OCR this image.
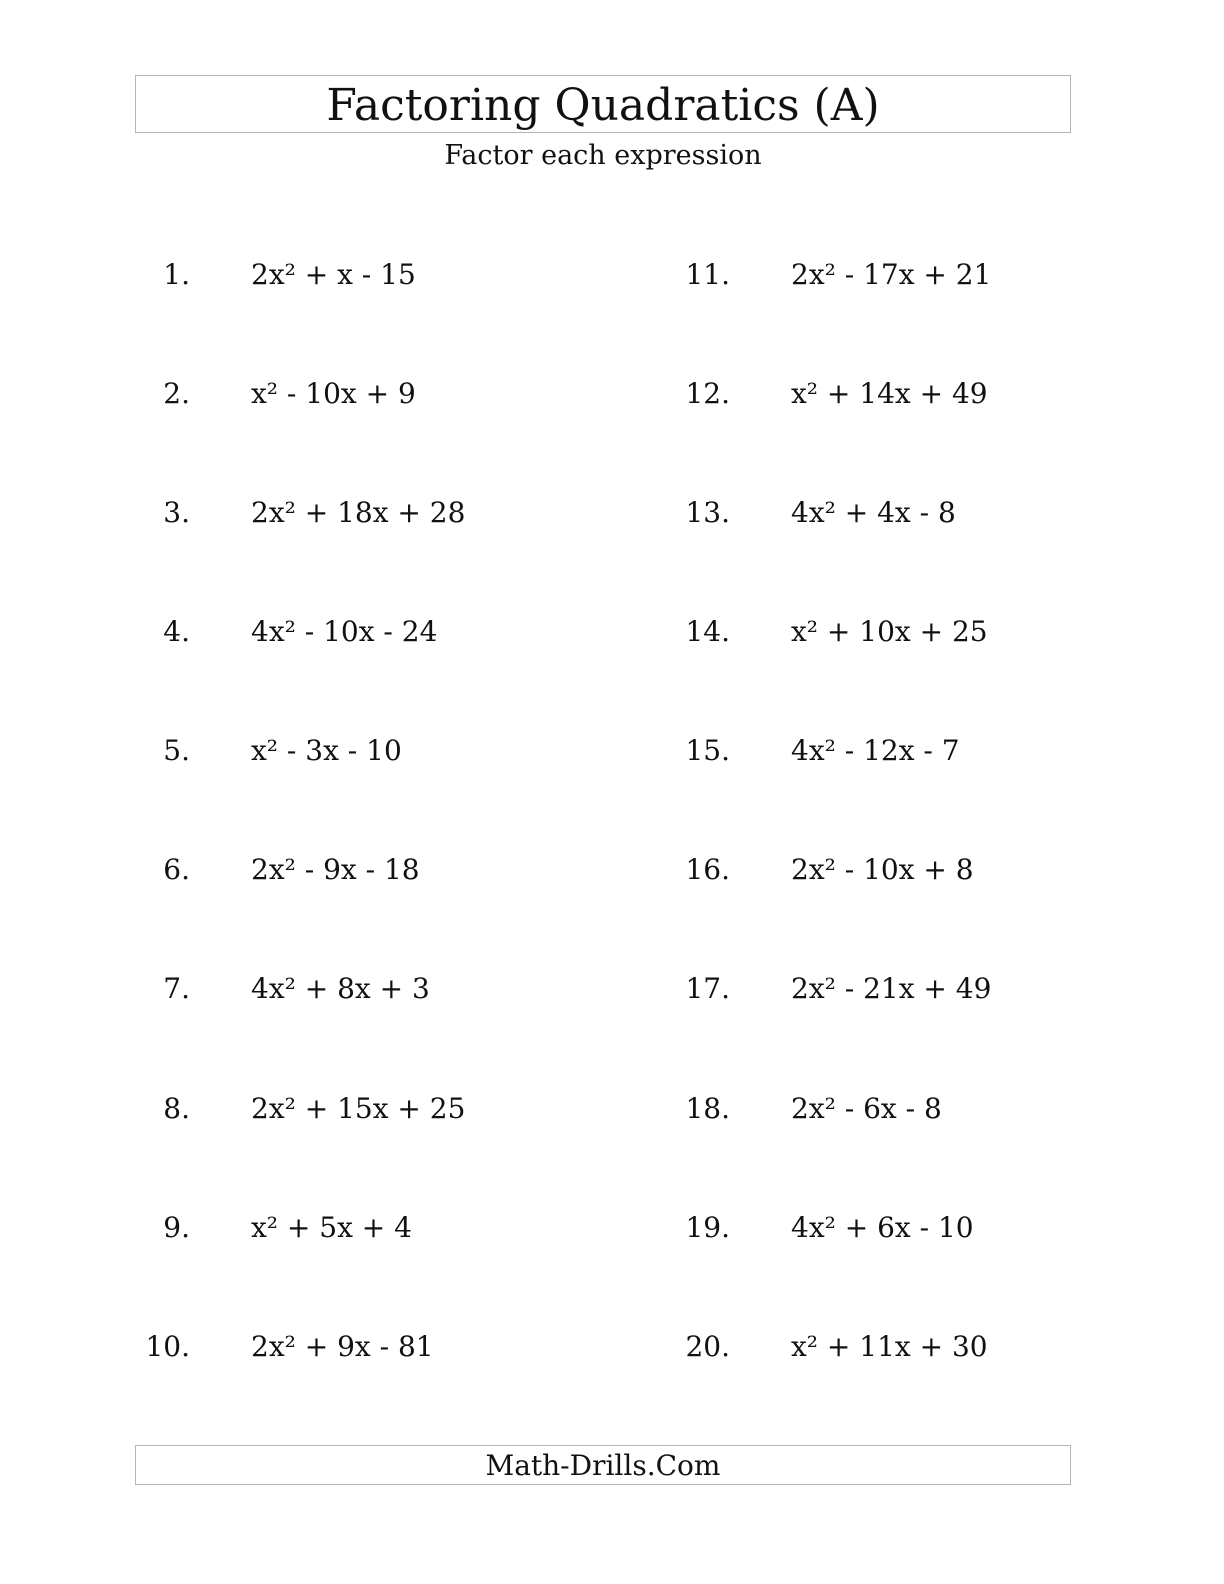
Factoring Quadratics (A)
Factor each expression
1. 2x² + x - 15
2. x² - 10x + 9
3. 2x² + 18x + 28
4. 4x² - 10x - 24
5. x² - 3x - 10
6. 2x² - 9x - 18
7. 4x² + 8x + 3
8. 2x² + 15x + 25
9. x² + 5x + 4
10. 2x² + 9x - 81
11. 2x² - 17x + 21
12. x² + 14x + 49
13. 4x² + 4x - 8
14. x² + 10x + 25
15. 4x² - 12x - 7
16. 2x² - 10x + 8
17. 2x² - 21x + 49
18. 2x² - 6x - 8
19. 4x² + 6x - 10
20. x² + 11x + 30
Math-Drills.Com
